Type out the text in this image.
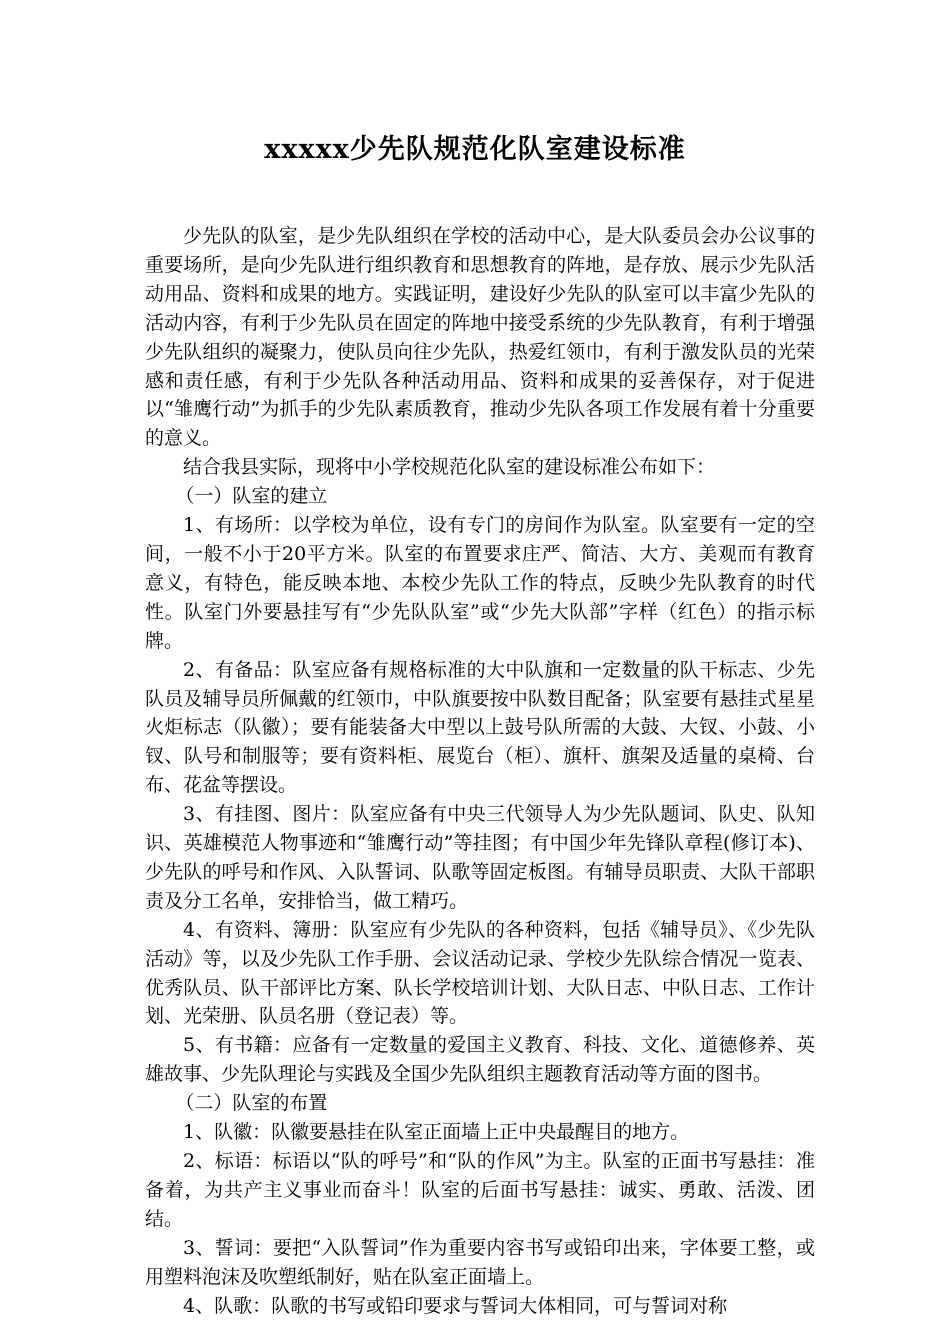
xxxxx少先队规范化队室建设标准

少先队的队室，是少先队组织在学校的活动中心，是大队委员会办公议事的重要场所，是向少先队进行组织教育和思想教育的阵地，是存放、展示少先队活动用品、资料和成果的地方。实践证明，建设好少先队的队室可以丰富少先队的活动内容，有利于少先队员在固定的阵地中接受系统的少先队教育，有利于增强少先队组织的凝聚力，使队员向往少先队，热爱红领巾，有利于激发队员的光荣感和责任感，有利于少先队各种活动用品、资料和成果的妥善保存，对于促进以“雏鹰行动”为抓手的少先队素质教育，推动少先队各项工作发展有着十分重要的意义。

结合我县实际，现将中小学校规范化队室的建设标准公布如下：

（一）队室的建立

1、有场所：以学校为单位，设有专门的房间作为队室。队室要有一定的空间，一般不小于20平方米。队室的布置要求庄严、简洁、大方、美观而有教育意义，有特色，能反映本地、本校少先队工作的特点，反映少先队教育的时代性。队室门外要悬挂写有“少先队队室”或“少先大队部”字样（红色）的指示标牌。

2、有备品：队室应备有规格标准的大中队旗和一定数量的队干标志、少先队员及辅导员所佩戴的红领巾，中队旗要按中队数目配备；队室要有悬挂式星星火炬标志（队徽）；要有能装备大中型以上鼓号队所需的大鼓、大钗、小鼓、小钗、队号和制服等；要有资料柜、展览台（柜）、旗杆、旗架及适量的桌椅、台布、花盆等摆设。

3、有挂图、图片：队室应备有中央三代领导人为少先队题词、队史、队知识、英雄模范人物事迹和“雏鹰行动”等挂图；有中国少年先锋队章程(修订本)、少先队的呼号和作风、入队誓词、队歌等固定板图。有辅导员职责、大队干部职责及分工名单，安排恰当，做工精巧。

4、有资料、簿册：队室应有少先队的各种资料，包括《辅导员》、《少先队活动》等，以及少先队工作手册、会议活动记录、学校少先队综合情况一览表、优秀队员、队干部评比方案、队长学校培训计划、大队日志、中队日志、工作计划、光荣册、队员名册（登记表）等。

5、有书籍：应备有一定数量的爱国主义教育、科技、文化、道德修养、英雄故事、少先队理论与实践及全国少先队组织主题教育活动等方面的图书。

（二）队室的布置

1、队徽：队徽要悬挂在队室正面墙上正中央最醒目的地方。

2、标语：标语以“队的呼号”和“队的作风”为主。队室的正面书写悬挂：准备着，为共产主义事业而奋斗！队室的后面书写悬挂：诚实、勇敢、活泼、团结。

3、誓词：要把“入队誓词”作为重要内容书写或铅印出来，字体要工整，或用塑料泡沫及吹塑纸制好，贴在队室正面墙上。

4、队歌：队歌的书写或铅印要求与誓词大体相同，可与誓词对称
